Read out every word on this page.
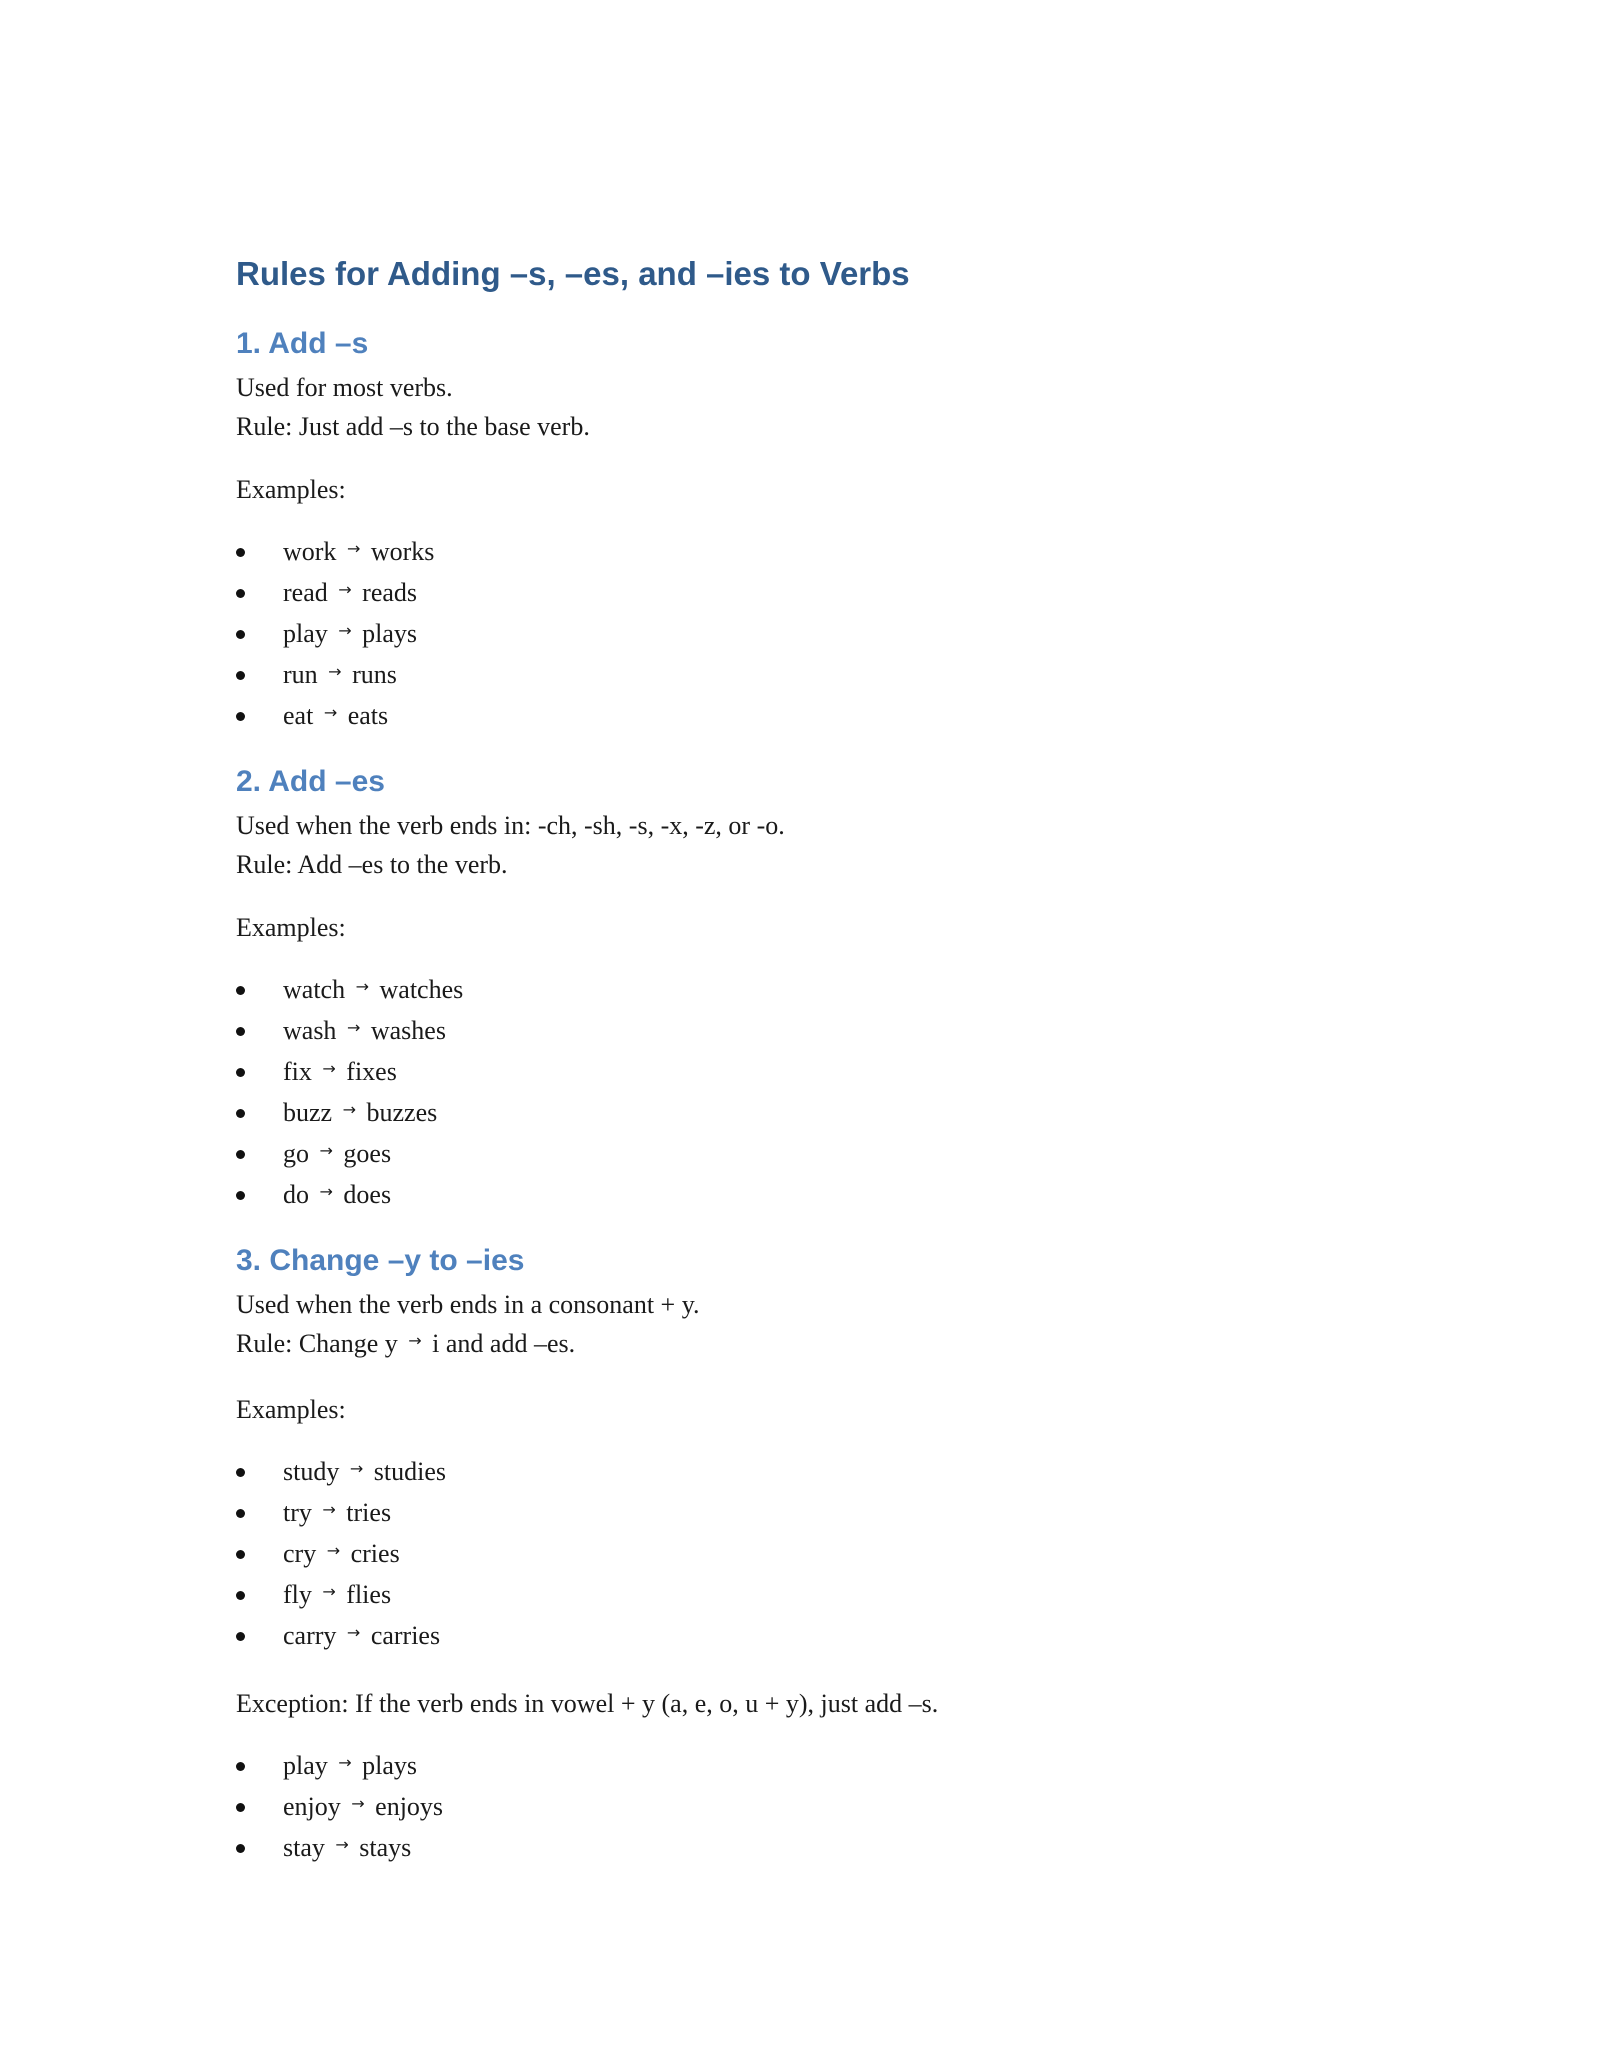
Rules for Adding –s, –es, and –ies to Verbs
1. Add –s

Used for most verbs.

Rule: Just add –s to the base verb.

Examples:

work → works
read → reads
play → plays
run → runs
eat → eats
2. Add –es

Used when the verb ends in: -ch, -sh, -s, -x, -z, or -o.

Rule: Add –es to the verb.

Examples:

watch → watches
wash → washes
fix → fixes
buzz → buzzes
go → goes
do → does
3. Change –y to –ies

Used when the verb ends in a consonant + y.

Rule: Change y → i and add –es.

Examples:

study → studies
try → tries
cry → cries
fly → flies
carry → carries

Exception: If the verb ends in vowel + y (a, e, o, u + y), just add –s.

play → plays
enjoy → enjoys
stay → stays
